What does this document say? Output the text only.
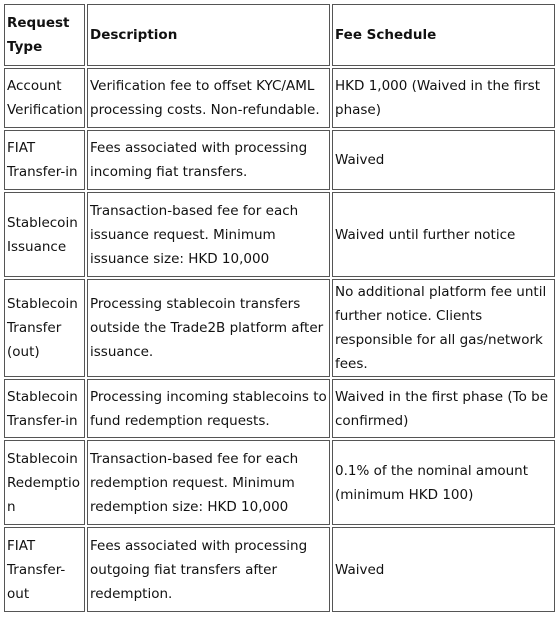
Request Type	Description	Fee Schedule
Account Verification	Verification fee to offset KYC/AML processing costs. Non-refundable.	HKD 1,000 (Waived in the first phase)
FIAT Transfer-in	Fees associated with processing incoming fiat transfers.	Waived
Stablecoin Issuance	Transaction-based fee for each issuance request. Minimum issuance size: HKD 10,000	Waived until further notice
Stablecoin Transfer (out)	Processing stablecoin transfers outside the Trade2B platform after issuance.	No additional platform fee until further notice. Clients responsible for all gas/network fees.
Stablecoin Transfer-in	Processing incoming stablecoins to fund redemption requests.	Waived in the first phase (To be confirmed)
Stablecoin Redemption	Transaction-based fee for each redemption request. Minimum redemption size: HKD 10,000	0.1% of the nominal amount (minimum HKD 100)
FIAT Transfer-out	Fees associated with processing outgoing fiat transfers after redemption.	Waived
